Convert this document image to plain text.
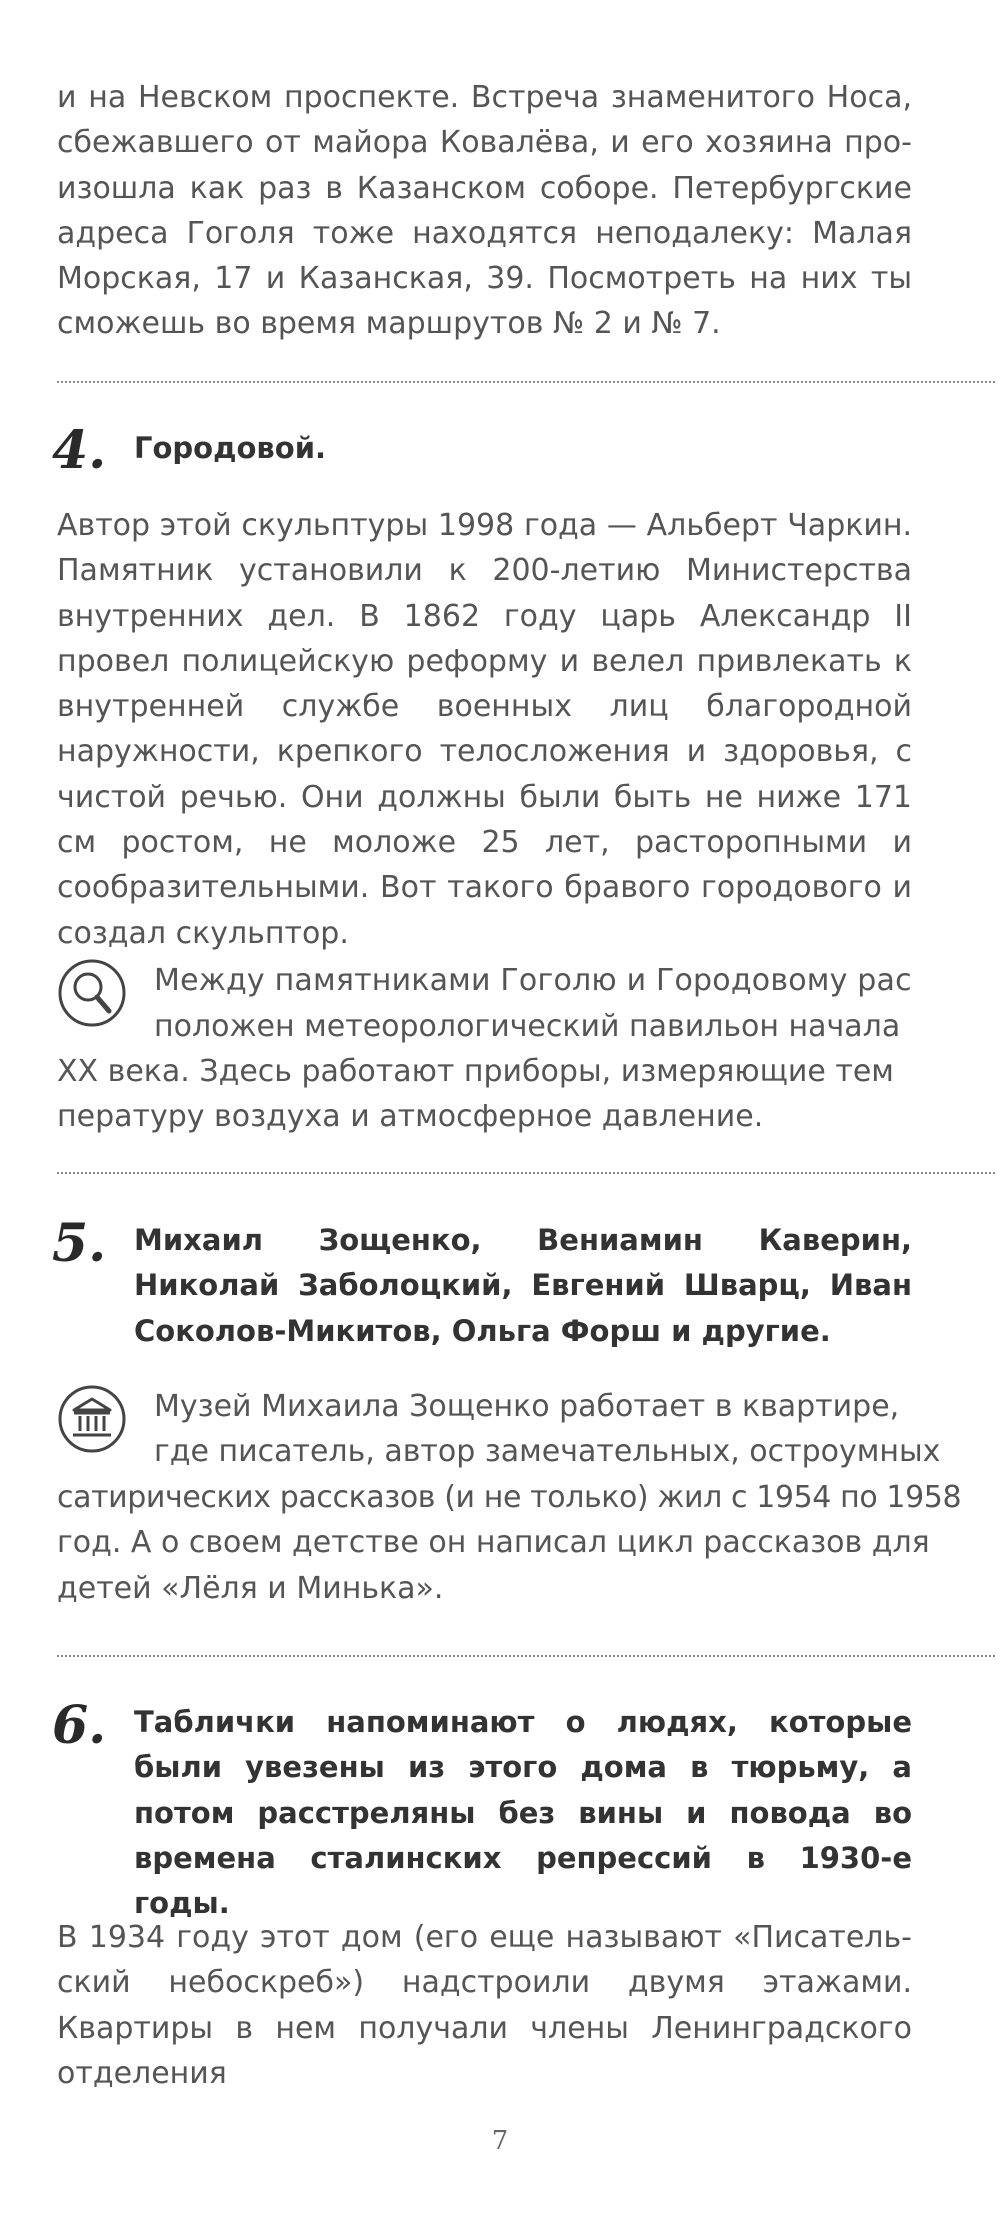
и на Невском проспекте. Встреча знаменитого Носа, сбежавшего от майора Ковалёва, и его хозяина произошла как раз в Казанском соборе. Петербургские адреса Гоголя тоже находятся неподалеку: Малая Морская, 17 и Казанская, 39. Посмотреть на них ты сможешь во время маршрутов № 2 и № 7.

4. Городовой.

Автор этой скульптуры 1998 года — Альберт Чаркин. Памятник установили к 200-летию Министерства внутренних дел. В 1862 году царь Александр II провел полицейскую реформу и велел привлекать к внутренней службе военных лиц благородной наружности, крепкого телосложения и здоровья, с чистой речью. Они должны были быть не ниже 171 см ростом, не моложе 25 лет, расторопными и сообразительными. Вот такого бравого городового и создал скульптор.

Между памятниками Гоголю и Городовому рас
положен метеорологический павильон начала
XX века. Здесь работают приборы, измеряющие тем
пературу воздуха и атмосферное давление.
5. Михаил Зощенко, Вениамин Каверин, Николай Заболоцкий, Евгений Шварц, Иван Соколов-Микитов, Ольга Форш и другие.
Музей Михаила Зощенко работает в квартире,
где писатель, автор замечательных, остроумных
сатирических рассказов (и не только) жил с 1954 по 1958
год. А о своем детстве он написал цикл рассказов для
детей «Лёля и Минька».
6. Таблички напоминают о людях, которые были увезены из этого дома в тюрьму, а потом расстреляны без вины и повода во времена сталинских репрессий в 1930-е годы.

В 1934 году этот дом (его еще называют «Писательский небоскреб») надстроили двумя этажами. Квартиры в нем получали члены Ленинградского отделения

7
